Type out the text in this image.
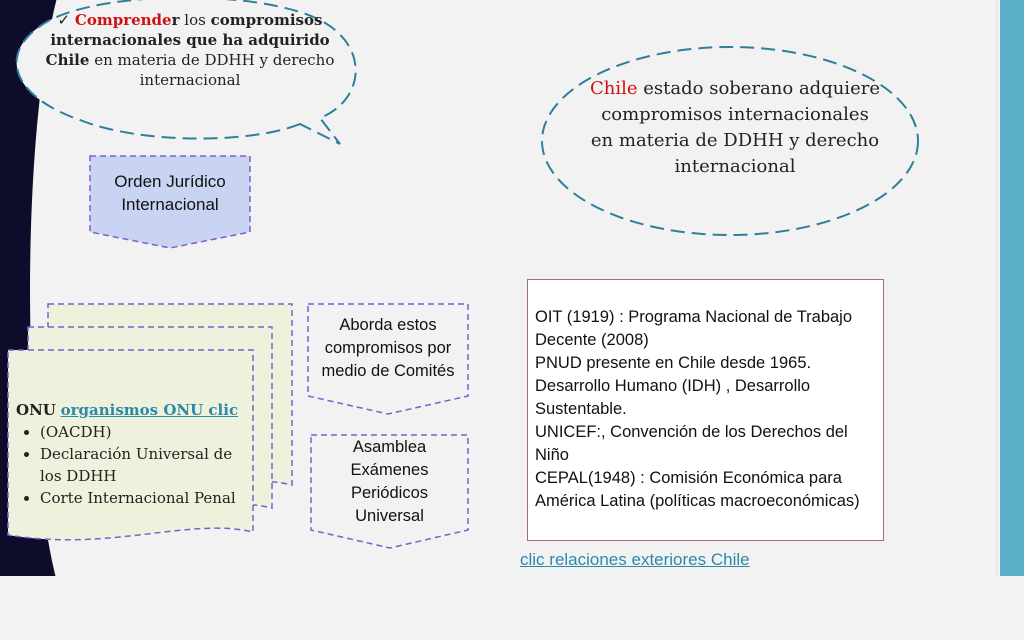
✓ Comprender los compromisos internacionales que ha adquirido Chile en materia de DDHH y derecho internacional	Chile estado soberano adquiere compromisos internacionales en materia de DDHH y derecho internacional
Orden Jurídico
Internacional
Aborda estos
compromisos por
medio de Comités
Asamblea
Exámenes
Periódicos
Universal
ONU organismos ONU clic
• (OACDH)
• Declaración Universal de los DDHH
• Corte Internacional Penal
OIT (1919) : Programa Nacional de Trabajo Decente (2008)
PNUD presente en Chile desde 1965. Desarrollo Humano (IDH) , Desarrollo Sustentable.
UNICEF:, Convención de los Derechos del Niño
CEPAL(1948) : Comisión Económica para América Latina (políticas macroeconómicas)
clic relaciones exteriores Chile
